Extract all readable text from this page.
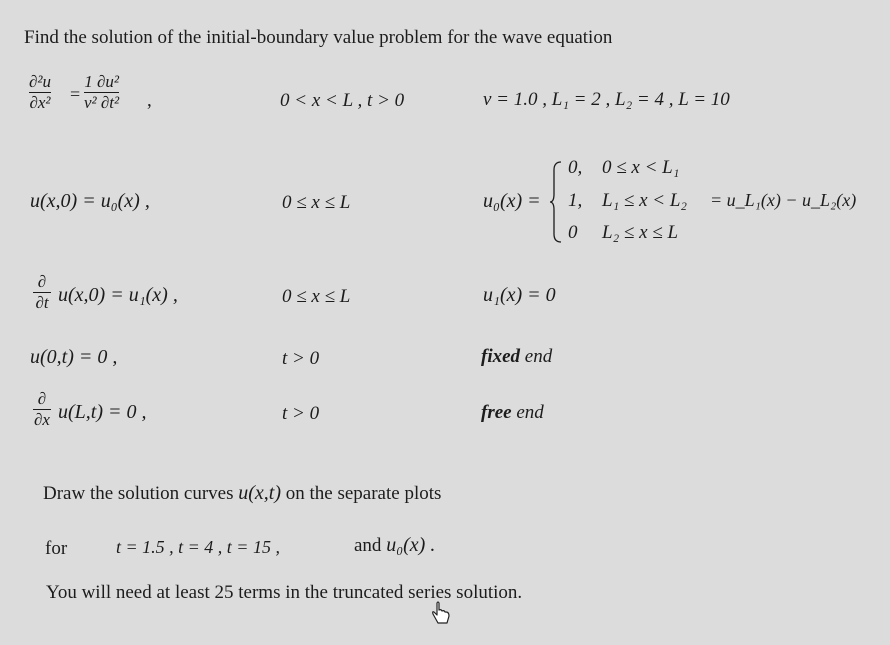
Find the solution of the initial-boundary value problem for the wave equation
∂²u
∂x² =
1 ∂u²
v² ∂t² ,	0 < x < L , t > 0	v = 1.0 , L₁ = 2 , L₂ = 4 , L = 10
u(x,0) = u₀(x) ,	0 ≤ x ≤ L	u₀(x) =
0, 0 ≤ x < L₁
1, L₁ ≤ x < L₂
0 L₂ ≤ x ≤ L
= u_L₁(x) − u_L₂(x)
∂
∂t u(x,0) = u₁(x) ,	0 ≤ x ≤ L	u₁(x) = 0
u(0,t) = 0 ,	t > 0	fixed end
∂
∂x u(L,t) = 0 ,	t > 0	free end
Draw the solution curves u(x,t) on the separate plots
for	t = 1.5 , t = 4 , t = 15 ,	and u₀(x) .
You will need at least 25 terms in the truncated series solution.
